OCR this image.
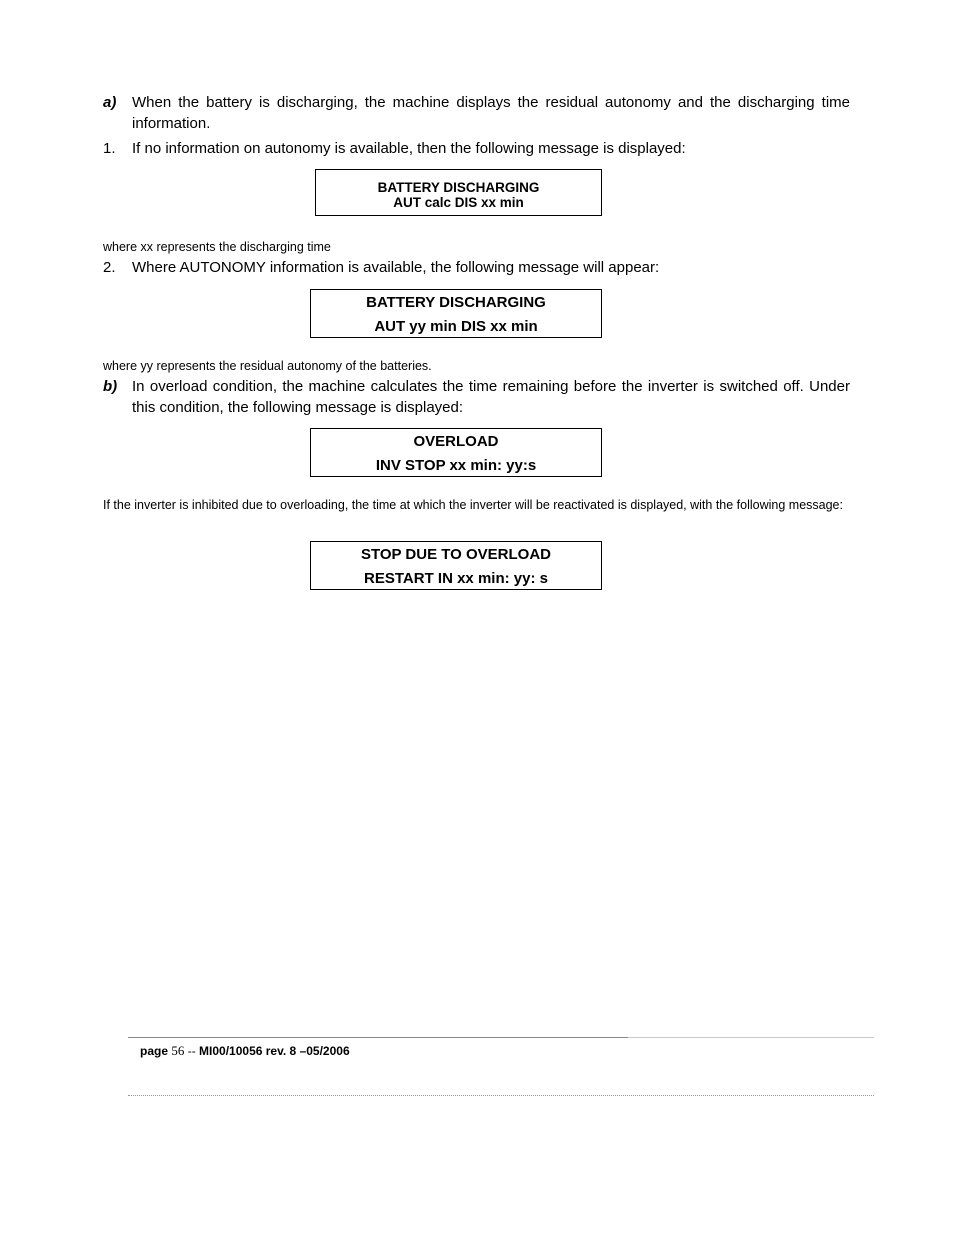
a) When the battery is discharging, the machine displays the residual autonomy and the discharging time information.
1. If no information on autonomy is available, then the following message is displayed:
BATTERY DISCHARGING
AUT calc DIS xx min
where xx represents the discharging time
2. Where AUTONOMY information is available, the following message will appear:
BATTERY DISCHARGING
AUT yy min DIS xx min
where yy represents the residual autonomy of the batteries.
b) In overload condition, the machine calculates the time remaining before the inverter is switched off. Under this condition, the following message is displayed:
OVERLOAD
INV STOP xx min: yy:s
If the inverter is inhibited due to overloading, the time at which the inverter will be reactivated is displayed, with the following message:
STOP DUE TO OVERLOAD
RESTART IN xx min: yy: s
page 56 -- MI00/10056 rev. 8 –05/2006
